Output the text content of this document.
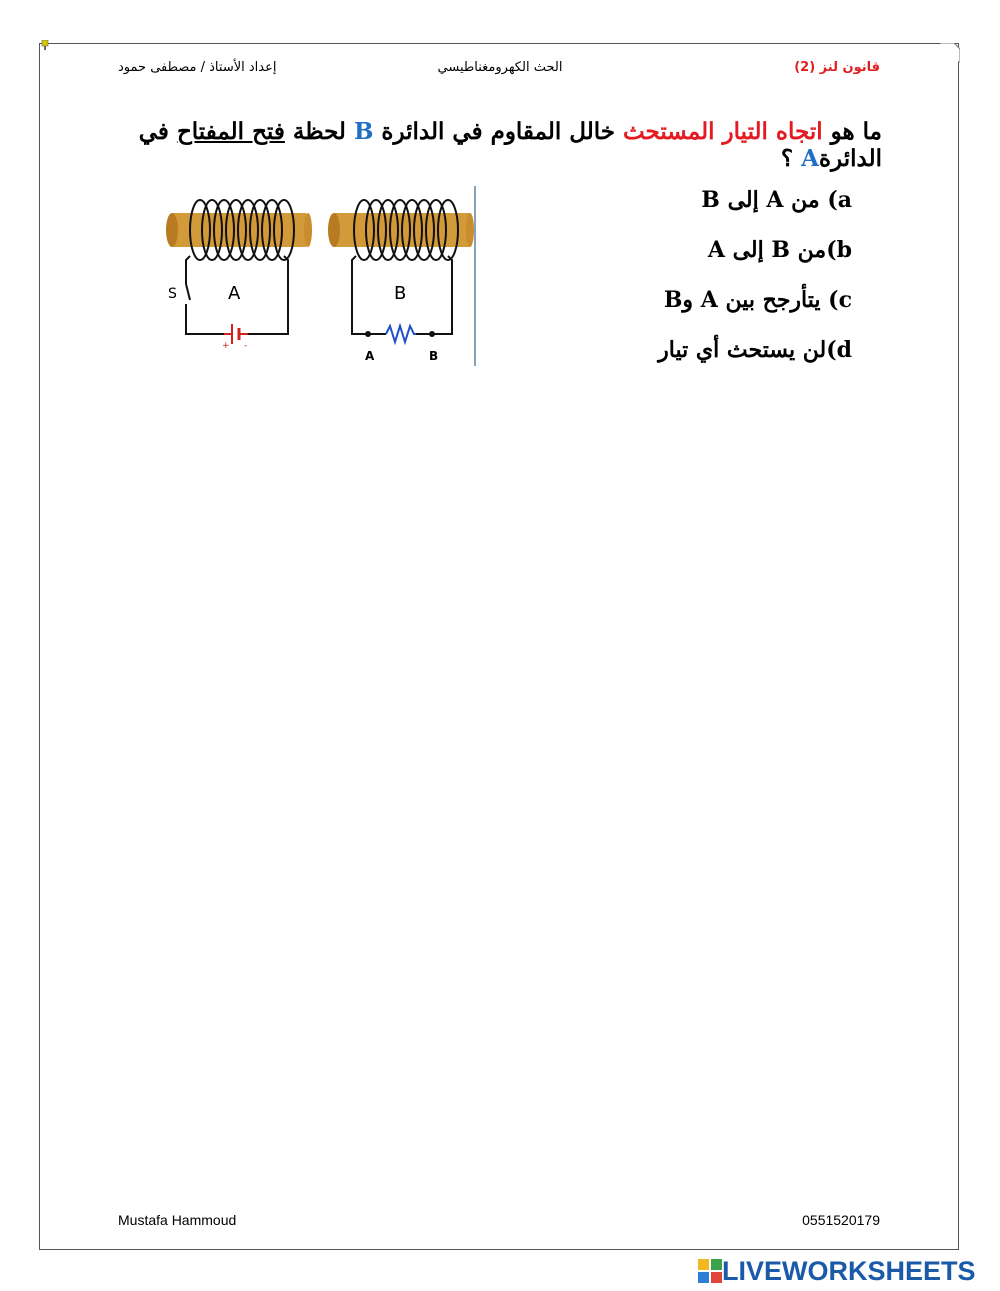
قانون لنز (2)
الحث الكهرومغناطيسي
إعداد الأستاذ / مصطفى حمود
ما هو اتجاه التيار المستحث خالل المقاوم في الدائرة B لحظة فتح المفتاح في الدائرةA ؟
a) من A إلى B
b)من B إلى A
c) يتأرجح بين A وB
d)لن يستحث أي تيار
+ -
S	A
A	B
B
Mustafa Hammoud	0551520179
LIVEWORKSHEETS
